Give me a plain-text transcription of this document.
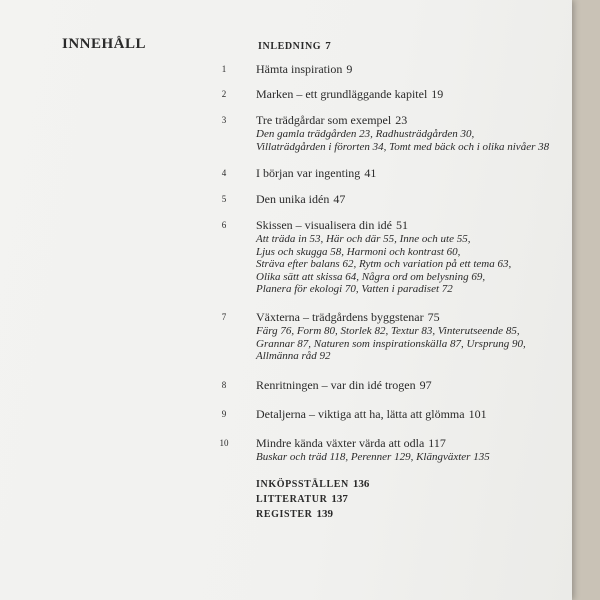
INNEHÅLL	INLEDNING 7
1	Hämta inspiration 9
2	Marken – ett grundläggande kapitel 19
3	Tre trädgårdar som exempel 23
Den gamla trädgården 23, Radhusträdgården 30,
Villaträdgården i förorten 34, Tomt med bäck och i olika nivåer 38
4	I början var ingenting 41
5	Den unika idén 47
6	Skissen – visualisera din idé 51
Att träda in 53, Här och där 55, Inne och ute 55,
Ljus och skugga 58, Harmoni och kontrast 60,
Sträva efter balans 62, Rytm och variation på ett tema 63,
Olika sätt att skissa 64, Några ord om belysning 69,
Planera för ekologi 70, Vatten i paradiset 72
7	Växterna – trädgårdens byggstenar 75
Färg 76, Form 80, Storlek 82, Textur 83, Vinterutseende 85,
Grannar 87, Naturen som inspirationskälla 87, Ursprung 90,
Allmänna råd 92
8	Renritningen – var din idé trogen 97
9	Detaljerna – viktiga att ha, lätta att glömma 101
10	Mindre kända växter värda att odla 117
Buskar och träd 118, Perenner 129, Klängväxter 135
INKÖPSSTÄLLEN 136
LITTERATUR 137
REGISTER 139
